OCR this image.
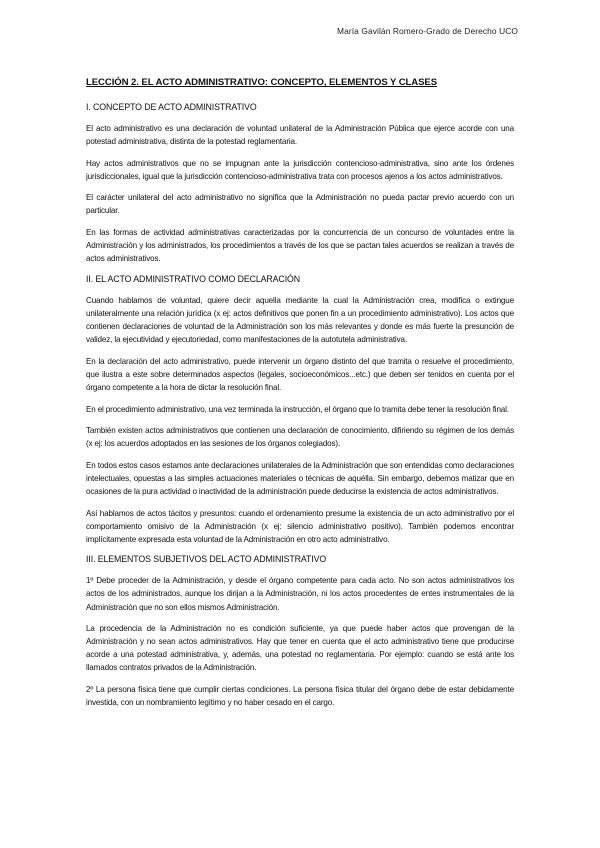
María Gavilán Romero-Grado de Derecho UCO
LECCIÓN 2. EL ACTO ADMINISTRATIVO: CONCEPTO, ELEMENTOS Y CLASES
I. CONCEPTO DE ACTO ADMINISTRATIVO

El acto administrativo es una declaración de voluntad unilateral de la Administración Pública que ejerce acorde con una potestad administrativa, distinta de la potestad reglamentaria.

Hay actos administrativos que no se impugnan ante la jurisdicción contencioso-administrativa, sino ante los órdenes jurisdiccionales, igual que la jurisdicción contencioso-administrativa trata con procesos ajenos a los actos administrativos.

El carácter unilateral del acto administrativo no significa que la Administración no pueda pactar previo acuerdo con un particular.

En las formas de actividad administrativas caracterizadas por la concurrencia de un concurso de voluntades entre la Administración y los administrados, los procedimientos a través de los que se pactan tales acuerdos se realizan a través de actos administrativos.

II. EL ACTO ADMINISTRATIVO COMO DECLARACIÓN

Cuando hablamos de voluntad, quiere decir aquella mediante la cual la Administración crea, modifica o extingue unilateralmente una relación jurídica (x ej: actos definitivos que ponen fin a un procedimiento administrativo). Los actos que contienen declaraciones de voluntad de la Administración son los más relevantes y donde es más fuerte la presunción de validez, la ejecutividad y ejecutoriedad, como manifestaciones de la autotutela administrativa.

En la declaración del acto administrativo, puede intervenir un órgano distinto del que tramita o resuelve el procedimiento, que ilustra a este sobre determinados aspectos (legales, socioeconómicos...etc.) que deben ser tenidos en cuenta por el órgano competente a la hora de dictar la resolución final.

En el procedimiento administrativo, una vez terminada la instrucción, el órgano que lo tramita debe tener la resolución final.

También existen actos administrativos que contienen una declaración de conocimiento, difiriendo su régimen de los demás (x ej: los acuerdos adoptados en las sesiones de los órganos colegiados).

En todos estos casos estamos ante declaraciones unilaterales de la Administración que son entendidas como declaraciones intelectuales, opuestas a las simples actuaciones materiales o técnicas de aquélla. Sin embargo, debemos matizar que en ocasiones de la pura actividad o inactividad de la administración puede deducirse la existencia de actos administrativos.

Así hablamos de actos tácitos y presuntos: cuando el ordenamiento presume la existencia de un acto administrativo por el comportamiento omisivo de la Administración (x ej: silencio administrativo positivo). También podemos encontrar implícitamente expresada esta voluntad de la Administración en otro acto administrativo.

III. ELEMENTOS SUBJETIVOS DEL ACTO ADMINISTRATIVO

1º Debe proceder de la Administración, y desde el órgano competente para cada acto. No son actos administrativos los actos de los administrados, aunque los dirijan a la Administración, ni los actos procedentes de entes instrumentales de la Administración que no son ellos mismos Administración.

La procedencia de la Administración no es condición suficiente, ya que puede haber actos que provengan de la Administración y no sean actos administrativos. Hay que tener en cuenta que el acto administrativo tiene que producirse acorde a una potestad administrativa, y, además, una potestad no reglamentaria. Por ejemplo: cuando se está ante los llamados contratos privados de la Administración.

2º La persona física tiene que cumplir ciertas condiciones. La persona física titular del órgano debe de estar debidamente investida, con un nombramiento legítimo y no haber cesado en el cargo.
